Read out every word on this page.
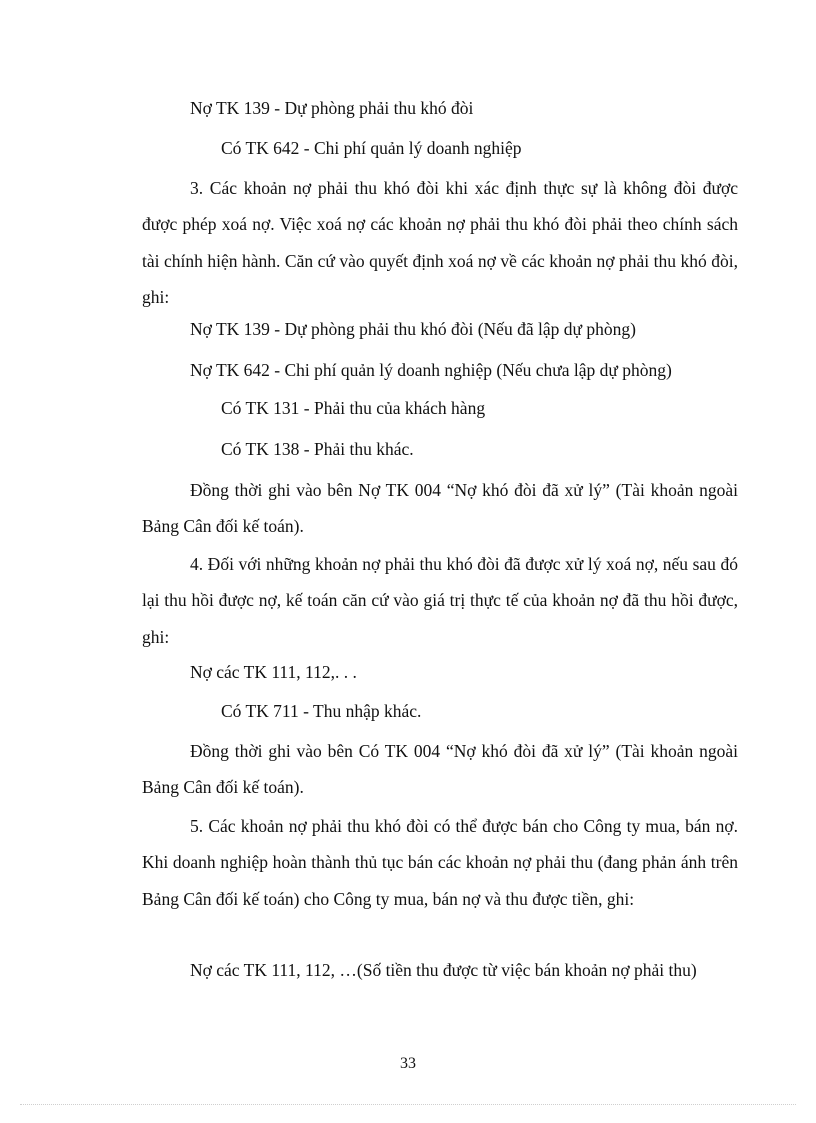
Nợ TK 139 - Dự phòng phải thu khó đòi
Có TK 642 - Chi phí quản lý doanh nghiệp
3. Các khoản nợ phải thu khó đòi khi xác định thực sự là không đòi được được phép xoá nợ. Việc xoá nợ các khoản nợ phải thu khó đòi phải theo chính sách tài chính hiện hành. Căn cứ vào quyết định xoá nợ về các khoản nợ phải thu khó đòi, ghi:
Nợ TK 139 - Dự phòng phải thu khó đòi (Nếu đã lập dự phòng)
Nợ TK 642 - Chi phí quản lý doanh nghiệp (Nếu chưa lập dự phòng)
Có TK 131 - Phải thu của khách hàng
Có TK 138 - Phải thu khác.
Đồng thời ghi vào bên Nợ TK 004 “Nợ khó đòi đã xử lý” (Tài khoản ngoài Bảng Cân đối kế toán).
4. Đối với những khoản nợ phải thu khó đòi đã được xử lý xoá nợ, nếu sau đó lại thu hồi được nợ, kế toán căn cứ vào giá trị thực tế của khoản nợ đã thu hồi được, ghi:
Nợ các TK 111, 112,. . .
Có TK 711 - Thu nhập khác.
Đồng thời ghi vào bên Có TK 004 “Nợ khó đòi đã xử lý” (Tài khoản ngoài Bảng Cân đối kế toán).
5. Các khoản nợ phải thu khó đòi có thể được bán cho Công ty mua, bán nợ. Khi doanh nghiệp hoàn thành thủ tục bán các khoản nợ phải thu (đang phản ánh trên Bảng Cân đối kế toán) cho Công ty mua, bán nợ và thu được tiền, ghi:
Nợ các TK 111, 112, …(Số tiền thu được từ việc bán khoản nợ phải thu)
33
